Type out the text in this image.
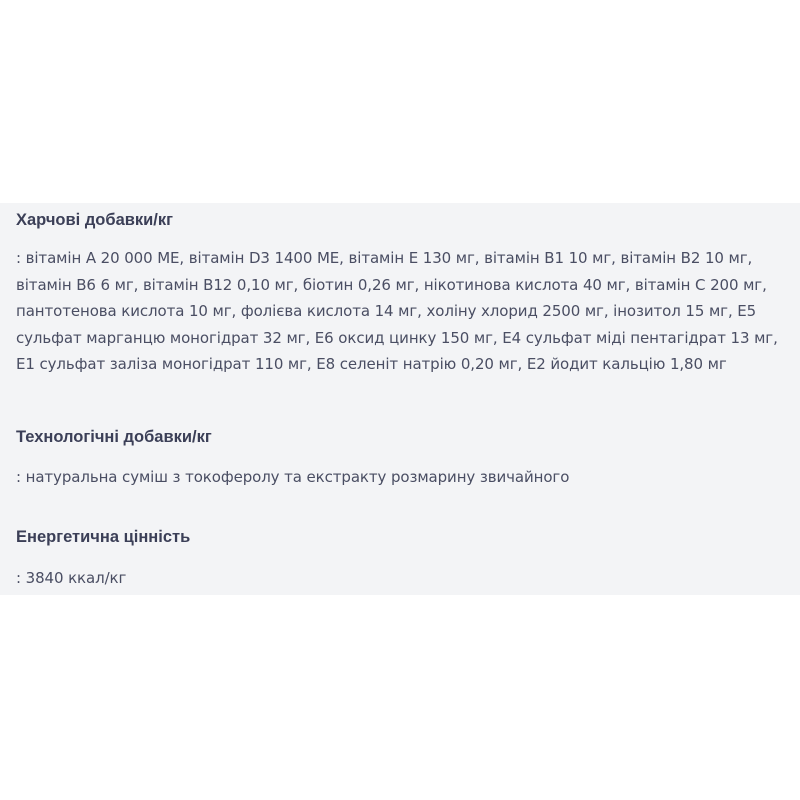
Харчові добавки/кг

: вітамін А 20 000 МЕ, вітамін D3 1400 МЕ, вітамін Е 130 мг, вітамін В1 10 мг, вітамін В2 10 мг, вітамін В6 6 мг, вітамін В12 0,10 мг, біотин 0,26 мг, нікотинова кислота 40 мг, вітамін С 200 мг, пантотенова кислота 10 мг, фолієва кислота 14 мг, холіну хлорид 2500 мг, інозитол 15 мг, Е5 сульфат марганцю моногідрат 32 мг, Е6 оксид цинку 150 мг, Е4 сульфат міді пентагідрат 13 мг, Е1 сульфат заліза моногідрат 110 мг, Е8 селеніт натрію 0,20 мг, Е2 йодит кальцію 1,80 мг

Технологічні добавки/кг

: натуральна суміш з токоферолу та екстракту розмарину звичайного

Енергетична цінність

: 3840 ккал/кг
